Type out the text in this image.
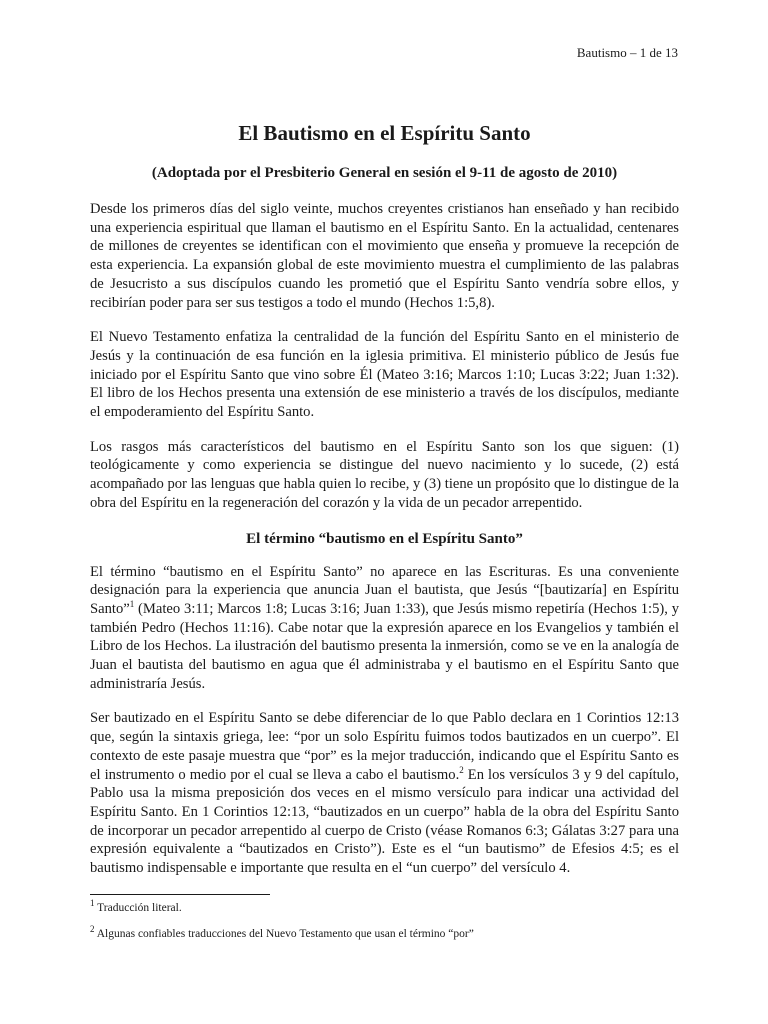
Bautismo – 1 de 13
El Bautismo en el Espíritu Santo
(Adoptada por el Presbiterio General en sesión el 9-11 de agosto de 2010)

Desde los primeros días del siglo veinte, muchos creyentes cristianos han enseñado y han recibido una experiencia espiritual que llaman el bautismo en el Espíritu Santo. En la actualidad, centenares de millones de creyentes se identifican con el movimiento que enseña y promueve la recepción de esta experiencia. La expansión global de este movimiento muestra el cumplimiento de las palabras de Jesucristo a sus discípulos cuando les prometió que el Espíritu Santo vendría sobre ellos, y recibirían poder para ser sus testigos a todo el mundo (Hechos 1:5,8).

El Nuevo Testamento enfatiza la centralidad de la función del Espíritu Santo en el ministerio de Jesús y la continuación de esa función en la iglesia primitiva. El ministerio público de Jesús fue iniciado por el Espíritu Santo que vino sobre Él (Mateo 3:16; Marcos 1:10; Lucas 3:22; Juan 1:32). El libro de los Hechos presenta una extensión de ese ministerio a través de los discípulos, mediante el empoderamiento del Espíritu Santo.

Los rasgos más característicos del bautismo en el Espíritu Santo son los que siguen: (1) teológicamente y como experiencia se distingue del nuevo nacimiento y lo sucede, (2) está acompañado por las lenguas que habla quien lo recibe, y (3) tiene un propósito que lo distingue de la obra del Espíritu en la regeneración del corazón y la vida de un pecador arrepentido.

El término “bautismo en el Espíritu Santo”

El término “bautismo en el Espíritu Santo” no aparece en las Escrituras. Es una conveniente designación para la experiencia que anuncia Juan el bautista, que Jesús “[bautizaría] en Espíritu Santo”$^1$ (Mateo 3:11; Marcos 1:8; Lucas 3:16; Juan 1:33), que Jesús mismo repetiría (Hechos 1:5), y también Pedro (Hechos 11:16). Cabe notar que la expresión aparece en los Evangelios y también el Libro de los Hechos. La ilustración del bautismo presenta la inmersión, como se ve en la analogía de Juan el bautista del bautismo en agua que él administraba y el bautismo en el Espíritu Santo que administraría Jesús.

Ser bautizado en el Espíritu Santo se debe diferenciar de lo que Pablo declara en 1 Corintios 12:13 que, según la sintaxis griega, lee: “por un solo Espíritu fuimos todos bautizados en un cuerpo”. El contexto de este pasaje muestra que “por” es la mejor traducción, indicando que el Espíritu Santo es el instrumento o medio por el cual se lleva a cabo el bautismo.$^2$ En los versículos 3 y 9 del capítulo, Pablo usa la misma preposición dos veces en el mismo versículo para indicar una actividad del Espíritu Santo. En 1 Corintios 12:13, “bautizados en un cuerpo” habla de la obra del Espíritu Santo de incorporar un pecador arrepentido al cuerpo de Cristo (véase Romanos 6:3; Gálatas 3:27 para una expresión equivalente a “bautizados en Cristo”). Este es el “un bautismo” de Efesios 4:5; es el bautismo indispensable e importante que resulta en el “un cuerpo” del versículo 4.

$^1$ Traducción literal.
$^2$ Algunas confiables traducciones del Nuevo Testamento que usan el término “por”
